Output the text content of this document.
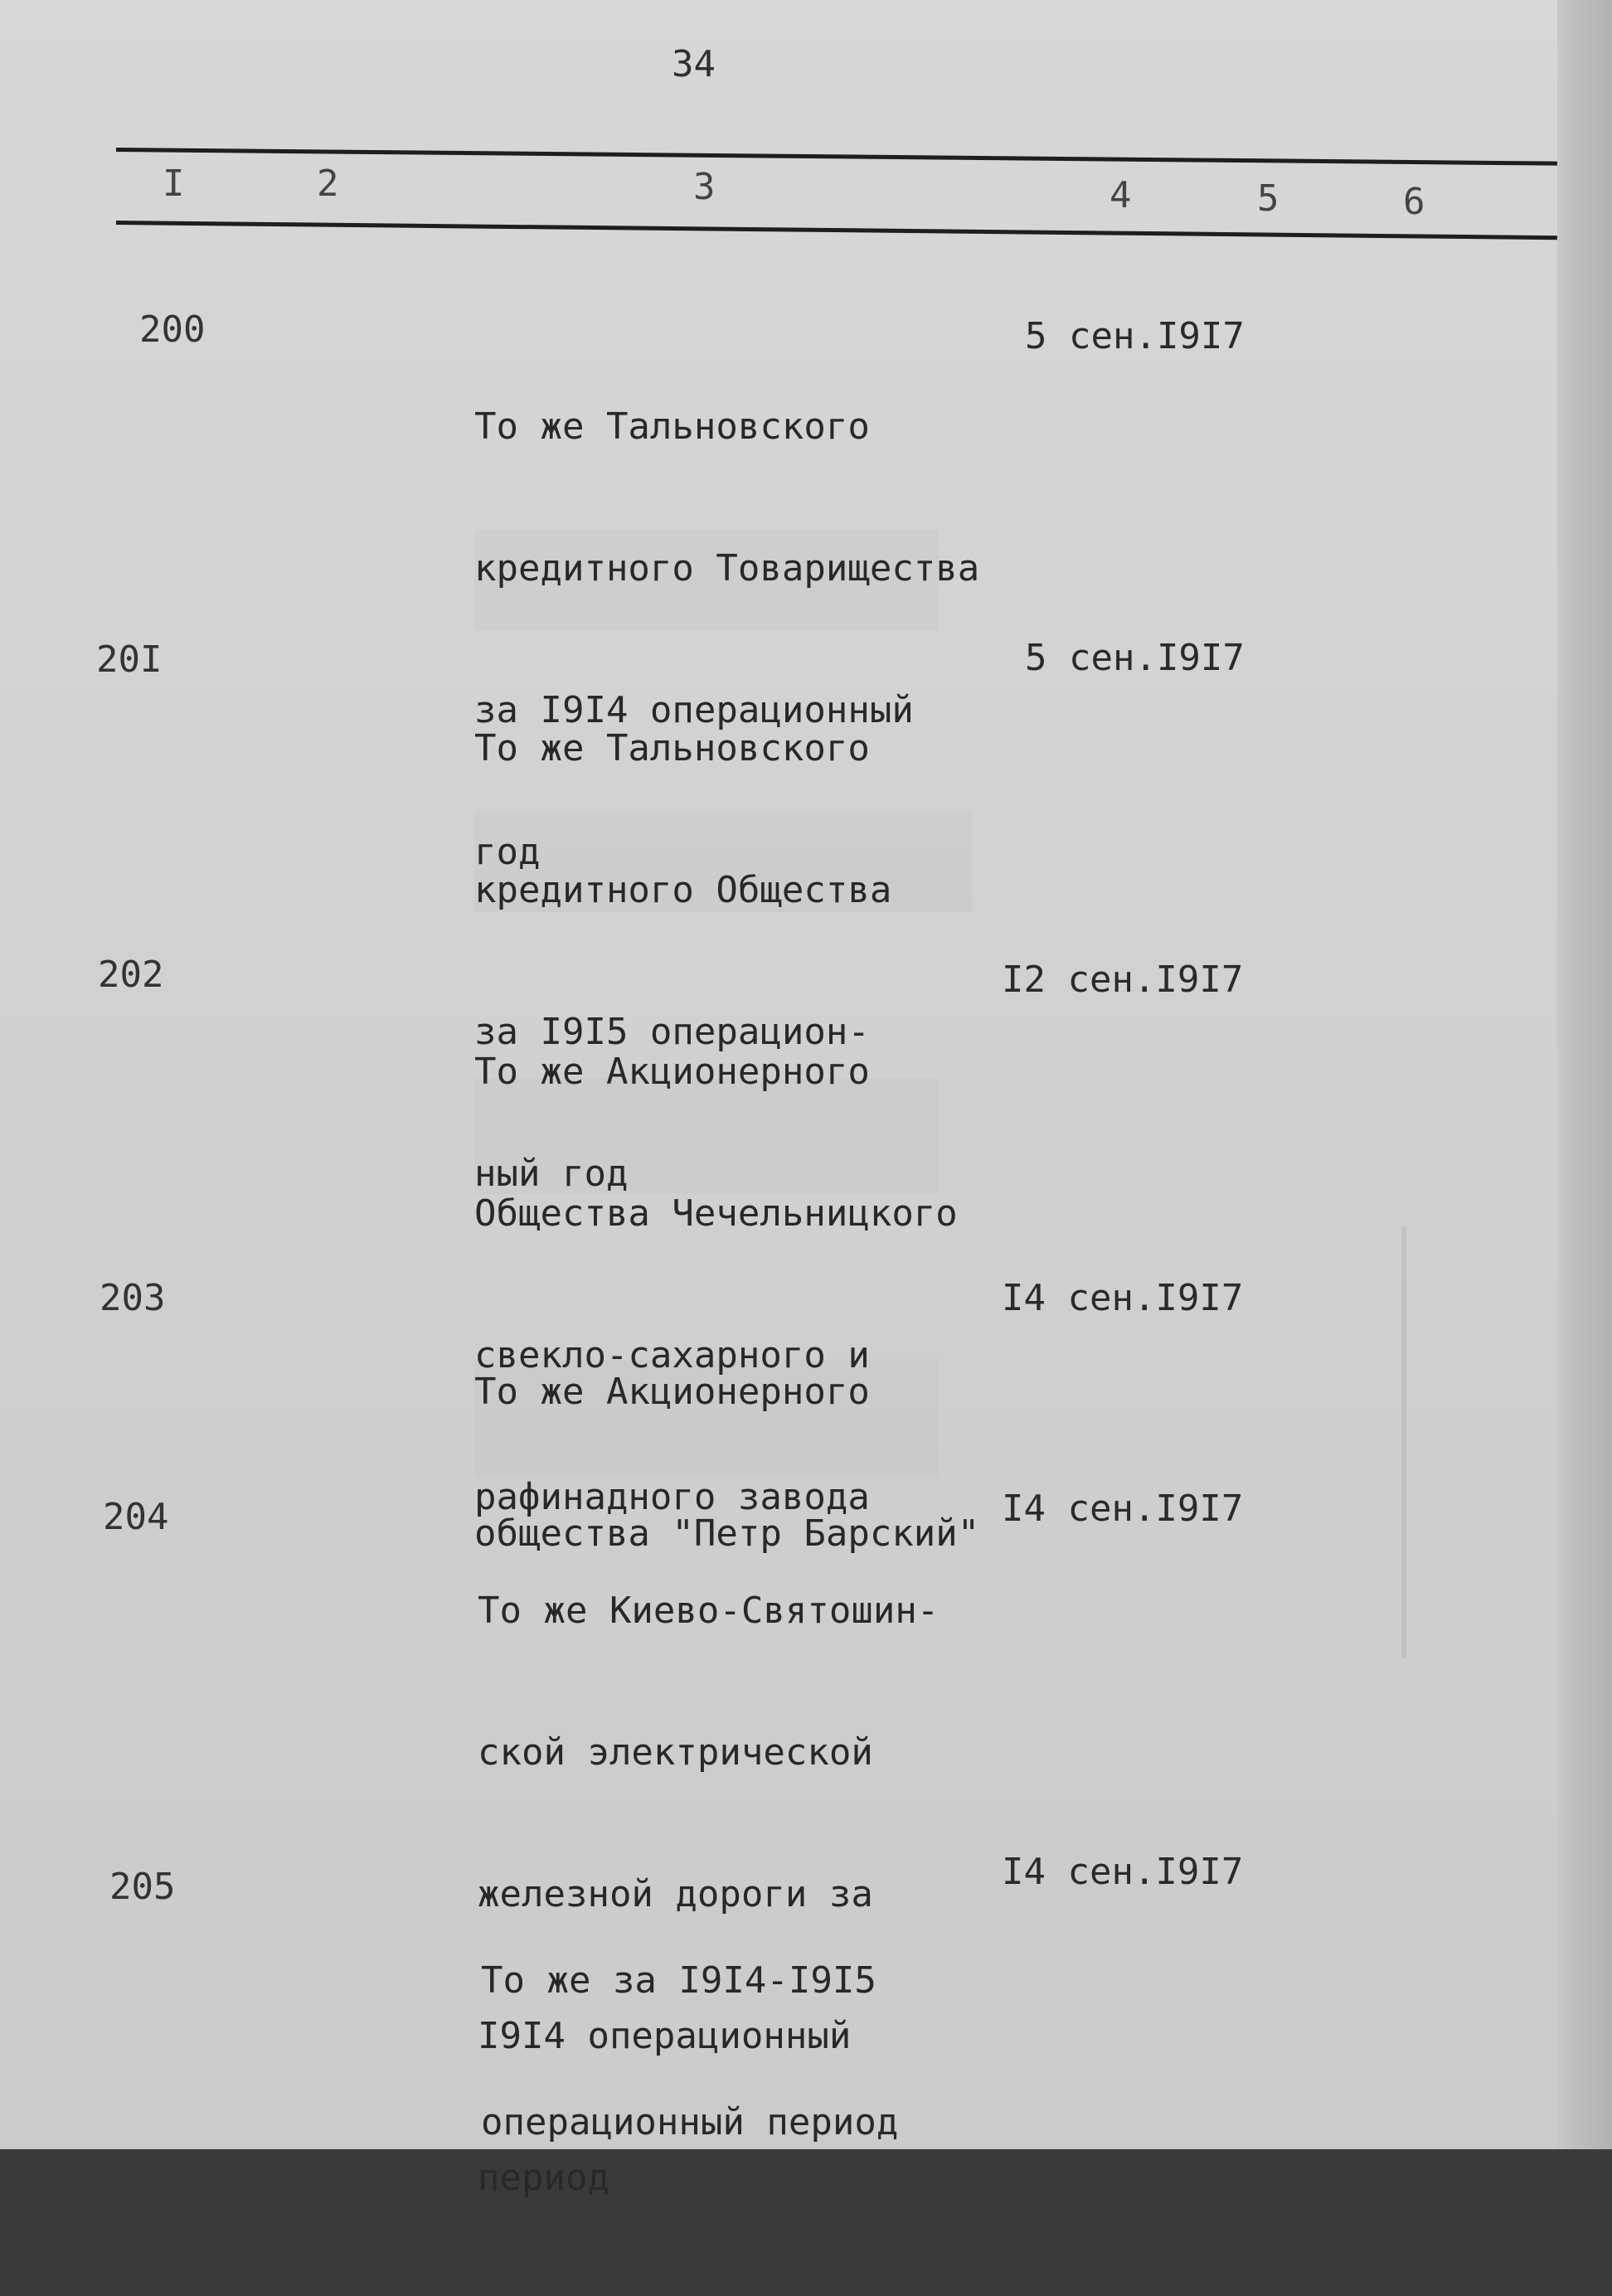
34
I	2	3	4	5	6
200

То же Тальновского

кредитного Товарищества

за I9I4 операционный

год

5 сен.I9I7
20I

То же Тальновского

кредитного Общества

за I9I5 операцион-

ный год

5 сен.I9I7
202

То же Акционерного

Общества Чечельницкого

свекло-сахарного и

рафинадного завода

I2 сен.I9I7
203

То же Акционерного

общества "Петр Барский"

I4 сен.I9I7
204

То же Киево-Святошин-

ской электрической

железной дороги за

I9I4 операционный

период

I4 сен.I9I7
205

То же за I9I4-I9I5

операционный период

I4 сен.I9I7
